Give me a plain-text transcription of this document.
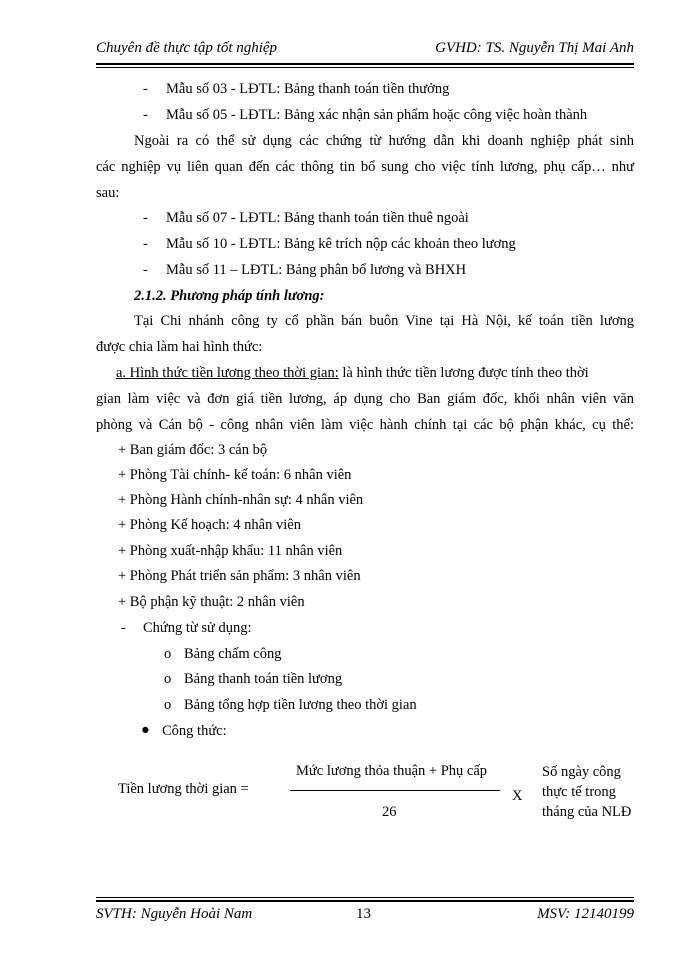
Chuyên đề thực tập tốt nghiệp	GVHD: TS. Nguyễn Thị Mai Anh
- Mẫu số 03 - LĐTL: Bảng thanh toán tiền thưởng
- Mẫu số 05 - LĐTL: Bảng xác nhận sản phẩm hoặc công việc hoàn thành
Ngoài ra có thể sử dụng các chứng từ hướng dẫn khi doanh nghiệp phát sinh
các nghiệp vụ liên quan đến các thông tin bổ sung cho việc tính lương, phụ cấp… như
sau:
- Mẫu số 07 - LĐTL: Bảng thanh toán tiền thuê ngoài
- Mẫu số 10 - LĐTL: Bảng kê trích nộp các khoản theo lương
- Mẫu số 11 – LĐTL: Bảng phân bổ lương và BHXH
2.1.2. Phương pháp tính lương:
Tại Chi nhánh công ty cổ phần bán buôn Vine tại Hà Nội, kế toán tiền lương
được chia làm hai hình thức:
a. Hình thức tiền lương theo thời gian: là hình thức tiền lương được tính theo thời
gian làm việc và đơn giá tiền lương, áp dụng cho Ban giám đốc, khối nhân viên văn
phòng và Cán bộ - công nhân viên làm việc hành chính tại các bộ phận khác, cụ thể:
+ Ban giám đốc: 3 cán bộ
+ Phòng Tài chính- kế toán: 6 nhân viên
+ Phòng Hành chính-nhân sự: 4 nhân viên
+ Phòng Kế hoạch: 4 nhân viên
+ Phòng xuất-nhập khẩu: 11 nhân viên
+ Phòng Phát triển sản phẩm: 3 nhân viên
+ Bộ phận kỹ thuật: 2 nhân viên
- Chứng từ sử dụng:
o Bảng chấm công
o Bảng thanh toán tiền lương
o Bảng tổng hợp tiền lương theo thời gian
● Công thức:
Tiền lương thời gian =
Mức lương thỏa thuận + Phụ cấp
26
X
Số ngày công
thực tế trong
tháng của NLĐ
SVTH: Nguyễn Hoài Nam	13	MSV: 12140199
